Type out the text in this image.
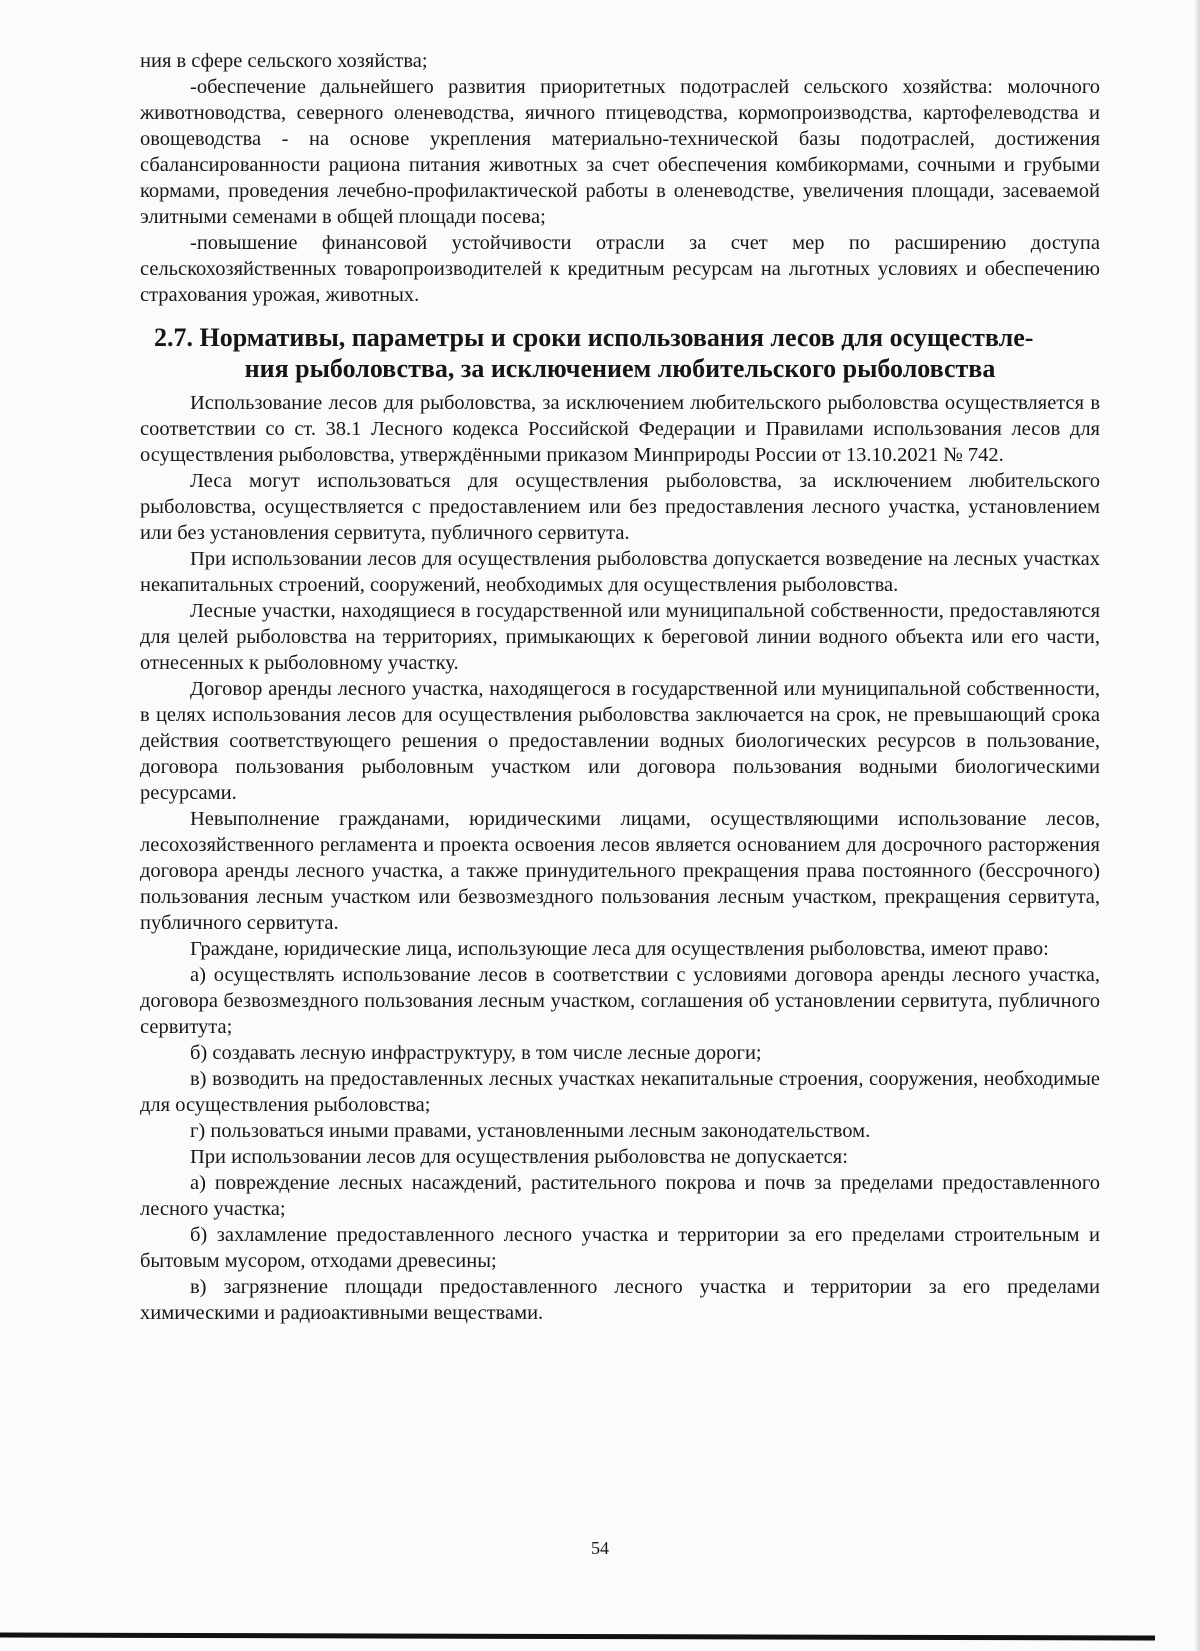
ния в сфере сельского хозяйства;

-обеспечение дальнейшего развития приоритетных подотраслей сельского хозяйства: молочного животноводства, северного оленеводства, яичного птицеводства, кормопроизводства, картофелеводства и овощеводства - на основе укрепления материально-технической базы подотраслей, достижения сбалансированности рациона питания животных за счет обеспечения комбикормами, сочными и грубыми кормами, проведения лечебно-профилактической работы в оленеводстве, увеличения площади, засеваемой элитными семенами в общей площади посева;

-повышение финансовой устойчивости отрасли за счет мер по расширению доступа сельскохозяйственных товаропроизводителей к кредитным ресурсам на льготных условиях и обеспечению страхования урожая, животных.

2.7. Нормативы, параметры и сроки использования лесов для осуществле-
ния рыболовства, за исключением любительского рыболовства

Использование лесов для рыболовства, за исключением любительского рыболовства осуществляется в соответствии со ст. 38.1 Лесного кодекса Российской Федерации и Правилами использования лесов для осуществления рыболовства, утверждёнными приказом Минприроды России от 13.10.2021 № 742.

Леса могут использоваться для осуществления рыболовства, за исключением любительского рыболовства, осуществляется с предоставлением или без предоставления лесного участка, установлением или без установления сервитута, публичного сервитута.

При использовании лесов для осуществления рыболовства допускается возведение на лесных участках некапитальных строений, сооружений, необходимых для осуществления рыболовства.

Лесные участки, находящиеся в государственной или муниципальной собственности, предоставляются для целей рыболовства на территориях, примыкающих к береговой линии водного объекта или его части, отнесенных к рыболовному участку.

Договор аренды лесного участка, находящегося в государственной или муниципальной собственности, в целях использования лесов для осуществления рыболовства заключается на срок, не превышающий срока действия соответствующего решения о предоставлении водных биологических ресурсов в пользование, договора пользования рыболовным участком или договора пользования водными биологическими ресурсами.

Невыполнение гражданами, юридическими лицами, осуществляющими использование лесов, лесохозяйственного регламента и проекта освоения лесов является основанием для досрочного расторжения договора аренды лесного участка, а также принудительного прекращения права постоянного (бессрочного) пользования лесным участком или безвозмездного пользования лесным участком, прекращения сервитута, публичного сервитута.

Граждане, юридические лица, использующие леса для осуществления рыболовства, имеют право:

а) осуществлять использование лесов в соответствии с условиями договора аренды лесного участка, договора безвозмездного пользования лесным участком, соглашения об установлении сервитута, публичного сервитута;

б) создавать лесную инфраструктуру, в том числе лесные дороги;

в) возводить на предоставленных лесных участках некапитальные строения, сооружения, необходимые для осуществления рыболовства;

г) пользоваться иными правами, установленными лесным законодательством.

При использовании лесов для осуществления рыболовства не допускается:

а) повреждение лесных насаждений, растительного покрова и почв за пределами предоставленного лесного участка;

б) захламление предоставленного лесного участка и территории за его пределами строительным и бытовым мусором, отходами древесины;

в) загрязнение площади предоставленного лесного участка и территории за его пределами химическими и радиоактивными веществами.

54
